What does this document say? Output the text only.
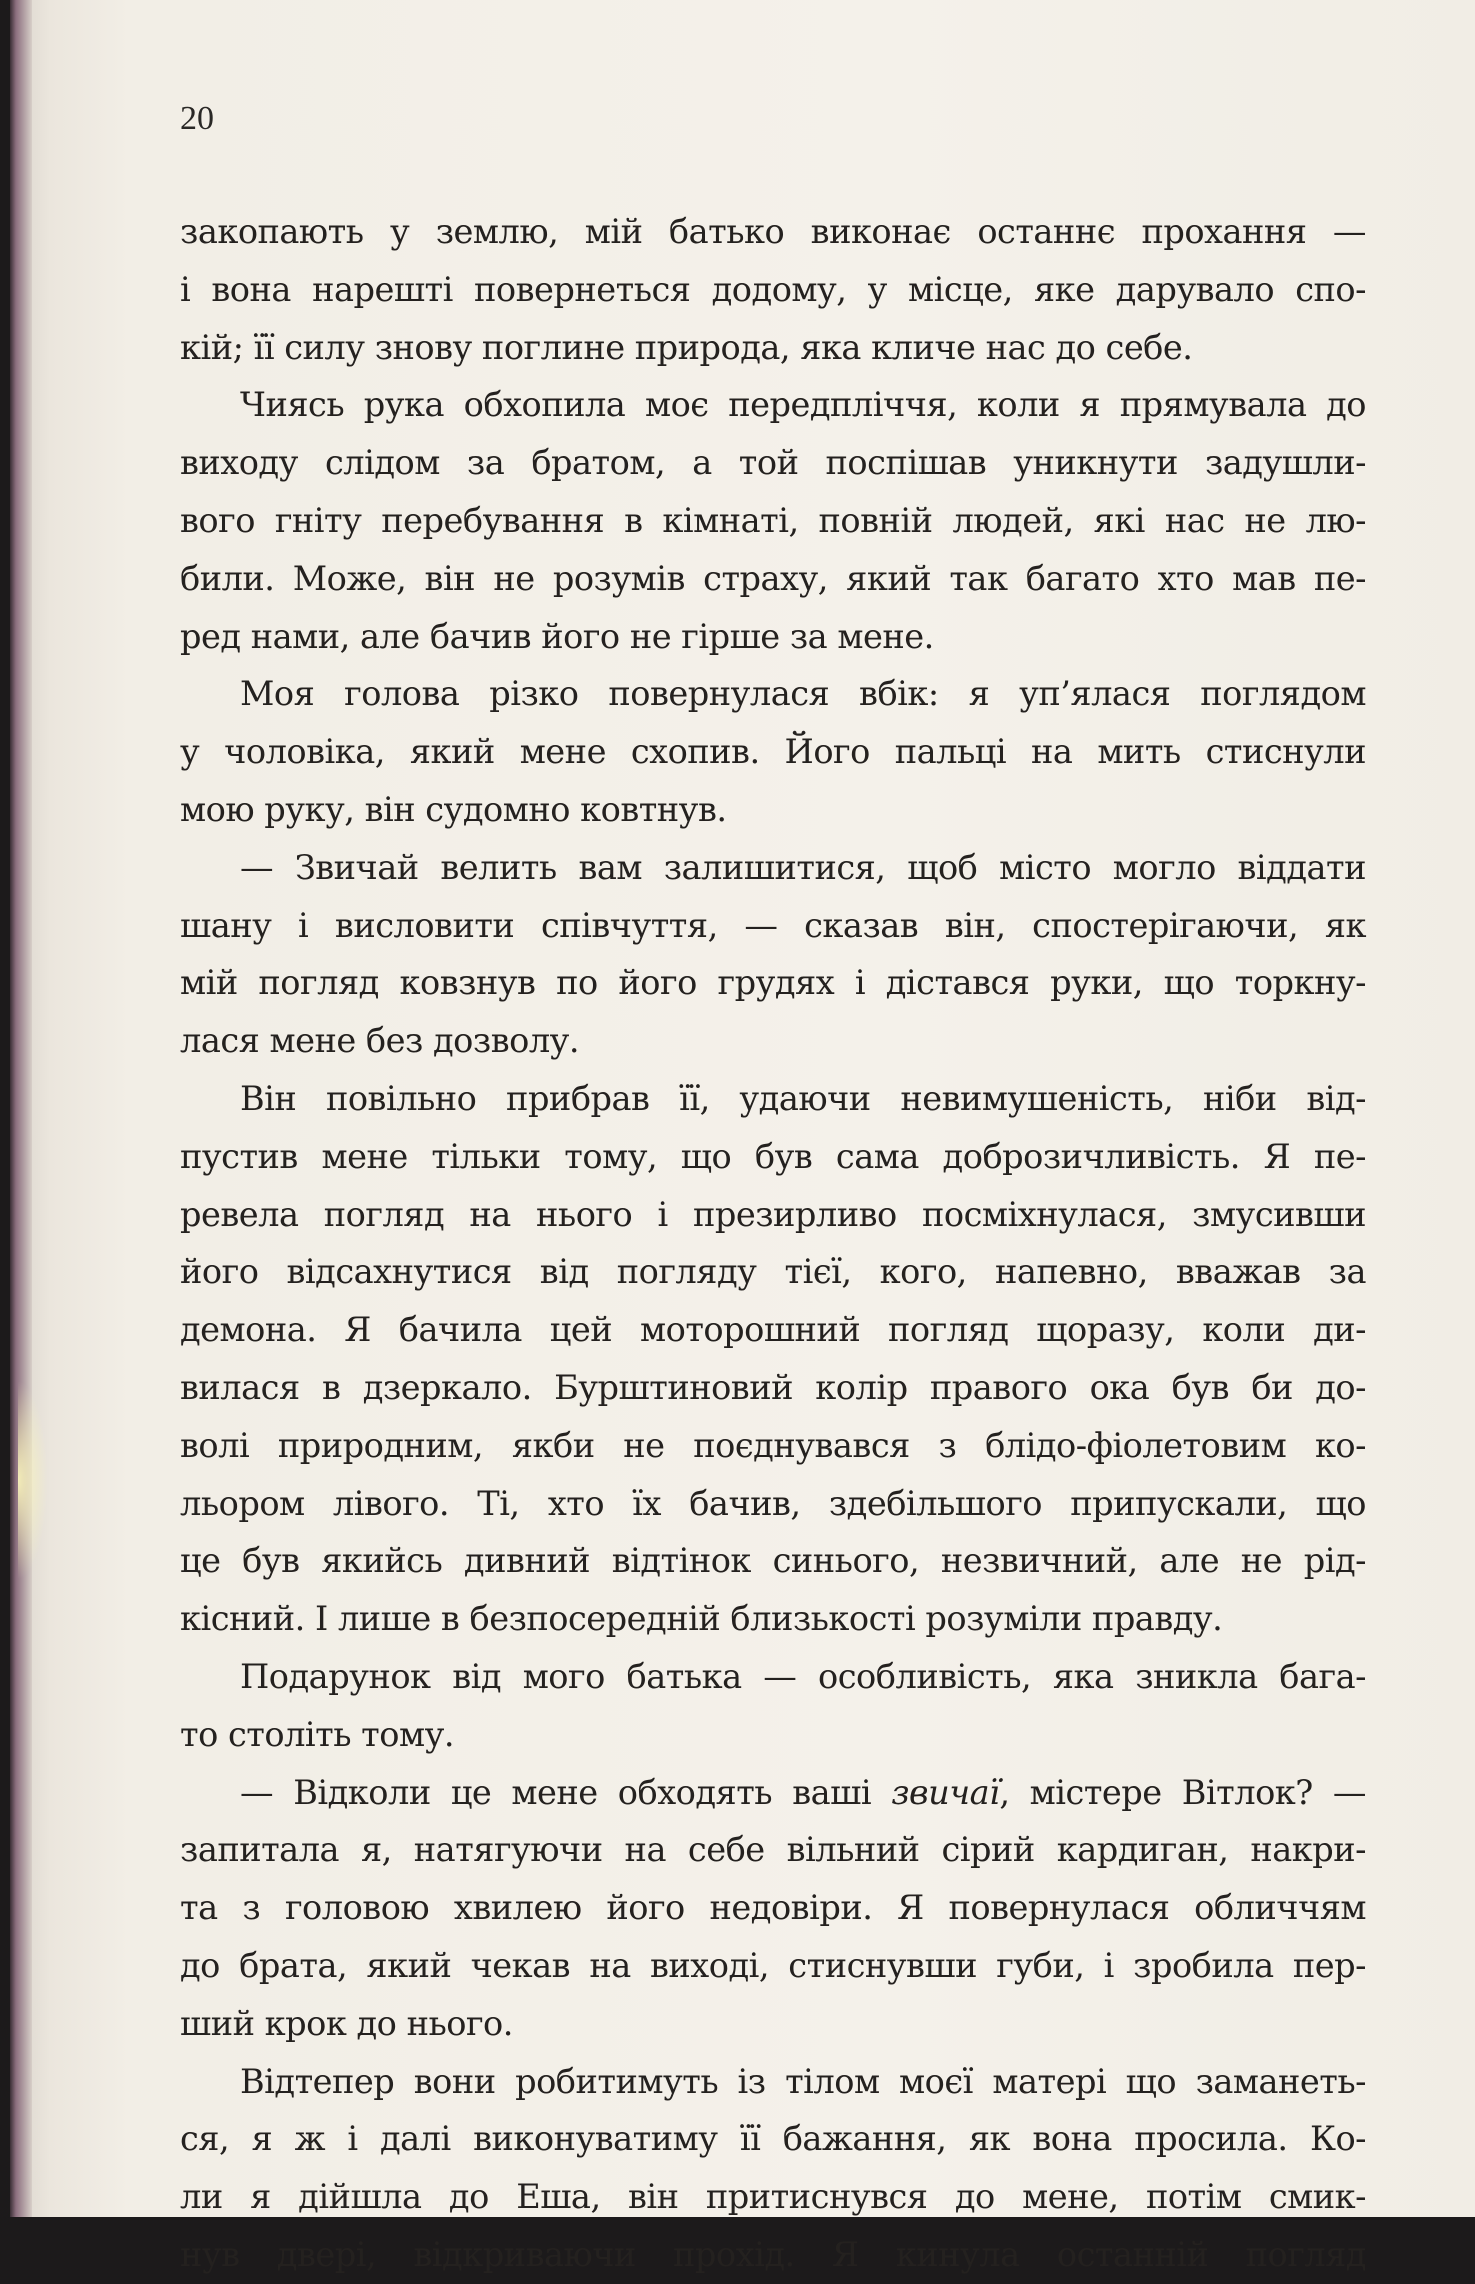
20

закопають у землю, мій батько виконає останнє прохання —
і вона нарешті повернеться додому, у місце, яке дарувало спо-
кій; її силу знову поглине природа, яка кличе нас до себе.

Чиясь рука обхопила моє передпліччя, коли я прямувала до
виходу слідом за братом, а той поспішав уникнути задушли-
вого гніту перебування в кімнаті, повній людей, які нас не лю-
били. Може, він не розумів страху, який так багато хто мав пе-
ред нами, але бачив його не гірше за мене.

Моя голова різко повернулася вбік: я уп’ялася поглядом
у чоловіка, який мене схопив. Його пальці на мить стиснули
мою руку, він судомно ковтнув.

— Звичай велить вам залишитися, щоб місто могло віддати
шану і висловити співчуття, — сказав він, спостерігаючи, як
мій погляд ковзнув по його грудях і дістався руки, що торкну-
лася мене без дозволу.

Він повільно прибрав її, удаючи невимушеність, ніби від-
пустив мене тільки тому, що був сама доброзичливість. Я пе-
ревела погляд на нього і презирливо посміхнулася, змусивши
його відсахнутися від погляду тієї, кого, напевно, вважав за
демона. Я бачила цей моторошний погляд щоразу, коли ди-
вилася в дзеркало. Бурштиновий колір правого ока був би до-
волі природним, якби не поєднувався з блідо-фіолетовим ко-
льором лівого. Ті, хто їх бачив, здебільшого припускали, що
це був якийсь дивний відтінок синього, незвичний, але не рід-
кісний. І лише в безпосередній близькості розуміли правду.

Подарунок від мого батька — особливість, яка зникла бага-
то століть тому.

— Відколи це мене обходять ваші звичаї, містере Вітлок? —
запитала я, натягуючи на себе вільний сірий кардиган, накри-
та з головою хвилею його недовіри. Я повернулася обличчям
до брата, який чекав на виході, стиснувши губи, і зробила пер-
ший крок до нього.

Відтепер вони робитимуть із тілом моєї матері що заманеть-
ся, я ж і далі виконуватиму її бажання, як вона просила. Ко-
ли я дійшла до Еша, він притиснувся до мене, потім смик-
нув двері, відкриваючи прохід. Я кинула останній погляд
